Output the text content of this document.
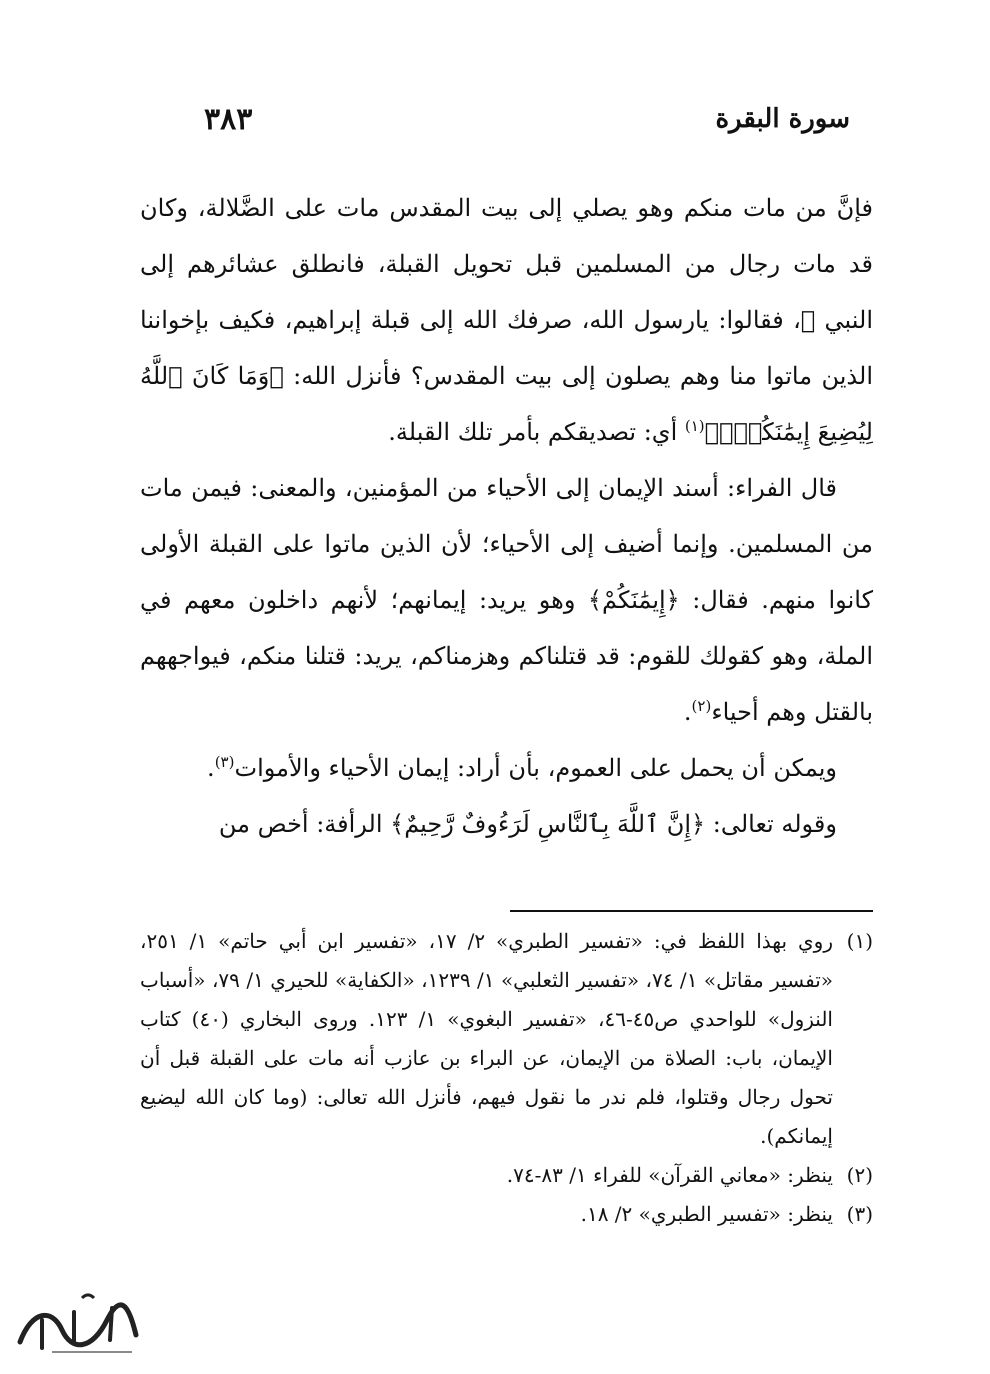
٣٨٣	سورة البقرة

فإنَّ من مات منكم وهو يصلي إلى بيت المقدس مات على الضَّلالة، وكان قد مات رجال من المسلمين قبل تحويل القبلة، فانطلق عشائرهم إلى النبي ﷺ، فقالوا: يارسول الله، صرفك الله إلى قبلة إبراهيم، فكيف بإخواننا الذين ماتوا منا وهم يصلون إلى بيت المقدس؟ فأنزل الله: ﴿وَمَا كَانَ ٱللَّهُ لِيُضِيعَ إِيمَٰنَكُمْۚ﴾$^{(١)}$ أي: تصديقكم بأمر تلك القبلة.

قال الفراء: أسند الإيمان إلى الأحياء من المؤمنين، والمعنى: فيمن مات من المسلمين. وإنما أضيف إلى الأحياء؛ لأن الذين ماتوا على القبلة الأولى كانوا منهم. فقال: ﴿إِيمَٰنَكُمْ﴾ وهو يريد: إيمانهم؛ لأنهم داخلون معهم في الملة، وهو كقولك للقوم: قد قتلناكم وهزمناكم، يريد: قتلنا منكم، فيواجههم بالقتل وهم أحياء$^{(٢)}$.

ويمكن أن يحمل على العموم، بأن أراد: إيمان الأحياء والأموات$^{(٣)}$.

وقوله تعالى: ﴿إِنَّ ٱللَّهَ بِٱلنَّاسِ لَرَءُوفٌ رَّحِيمٌ﴾ الرأفة: أخص من

(١)
روي بهذا اللفظ في: «تفسير الطبري» ٢/ ١٧، «تفسير ابن أبي حاتم» ١/ ٢٥١، «تفسير مقاتل» ١/ ٧٤، «تفسير الثعلبي» ١/ ١٢٣٩، «الكفاية» للحيري ١/ ٧٩، «أسباب النزول» للواحدي ص٤٥-٤٦، «تفسير البغوي» ١/ ١٢٣. وروى البخاري (٤٠) كتاب الإيمان، باب: الصلاة من الإيمان، عن البراء بن عازب أنه مات على القبلة قبل أن تحول رجال وقتلوا، فلم ندر ما نقول فيهم، فأنزل الله تعالى: (وما كان الله ليضيع إيمانكم).
(٢)
ينظر: «معاني القرآن» للفراء ١/ ٨٣-٧٤.
(٣)
ينظر: «تفسير الطبري» ٢/ ١٨.
